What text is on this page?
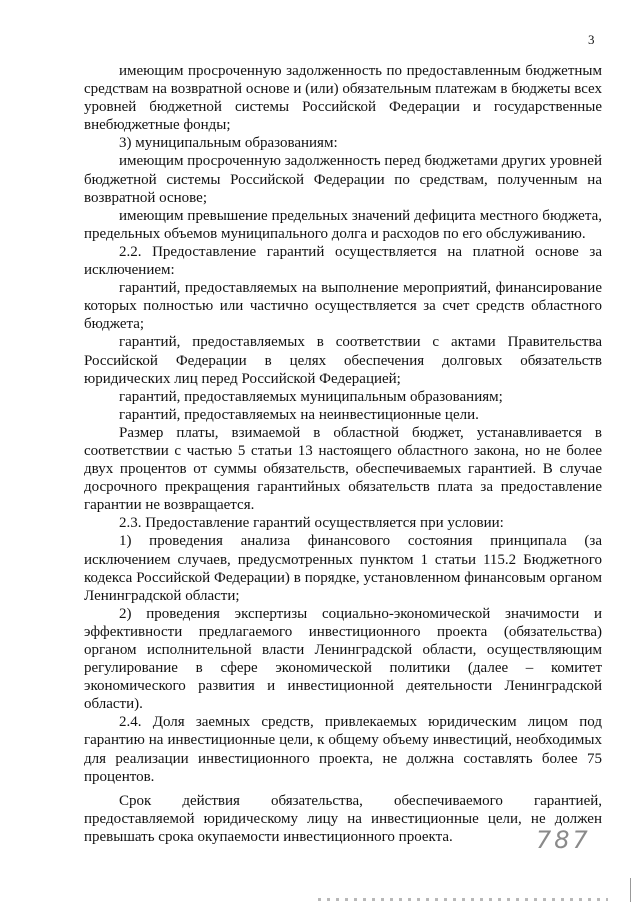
3

имеющим просроченную задолженность по предоставленным бюджетным средствам на возвратной основе и (или) обязательным платежам в бюджеты всех уровней бюджетной системы Российской Федерации и государственные внебюджетные фонды;

3) муниципальным образованиям:

имеющим просроченную задолженность перед бюджетами других уровней бюджетной системы Российской Федерации по средствам, полученным на возвратной основе;

имеющим превышение предельных значений дефицита местного бюджета, предельных объемов муниципального долга и расходов по его обслуживанию.

2.2. Предоставление гарантий осуществляется на платной основе за исключением:

гарантий, предоставляемых на выполнение мероприятий, финансирование которых полностью или частично осуществляется за счет средств областного бюджета;

гарантий, предоставляемых в соответствии с актами Правительства Российской Федерации в целях обеспечения долговых обязательств юридических лиц перед Российской Федерацией;

гарантий, предоставляемых муниципальным образованиям;

гарантий, предоставляемых на неинвестиционные цели.

Размер платы, взимаемой в областной бюджет, устанавливается в соответствии с частью 5 статьи 13 настоящего областного закона, но не более двух процентов от суммы обязательств, обеспечиваемых гарантией. В случае досрочного прекращения гарантийных обязательств плата за предоставление гарантии не возвращается.

2.3. Предоставление гарантий осуществляется при условии:

1) проведения анализа финансового состояния принципала (за исключением случаев, предусмотренных пунктом 1 статьи 115.2 Бюджетного кодекса Российской Федерации) в порядке, установленном финансовым органом Ленинградской области;

2) проведения экспертизы социально-экономической значимости и эффективности предлагаемого инвестиционного проекта (обязательства) органом исполнительной власти Ленинградской области, осуществляющим регулирование в сфере экономической политики (далее – комитет экономического развития и инвестиционной деятельности Ленинградской области).

2.4. Доля заемных средств, привлекаемых юридическим лицом под гарантию на инвестиционные цели, к общему объему инвестиций, необходимых для реализации инвестиционного проекта, не должна составлять более 75 процентов.

Срок действия обязательства, обеспечиваемого гарантией, предоставляемой юридическому лицу на инвестиционные цели, не должен превышать срока окупаемости инвестиционного проекта.	787
